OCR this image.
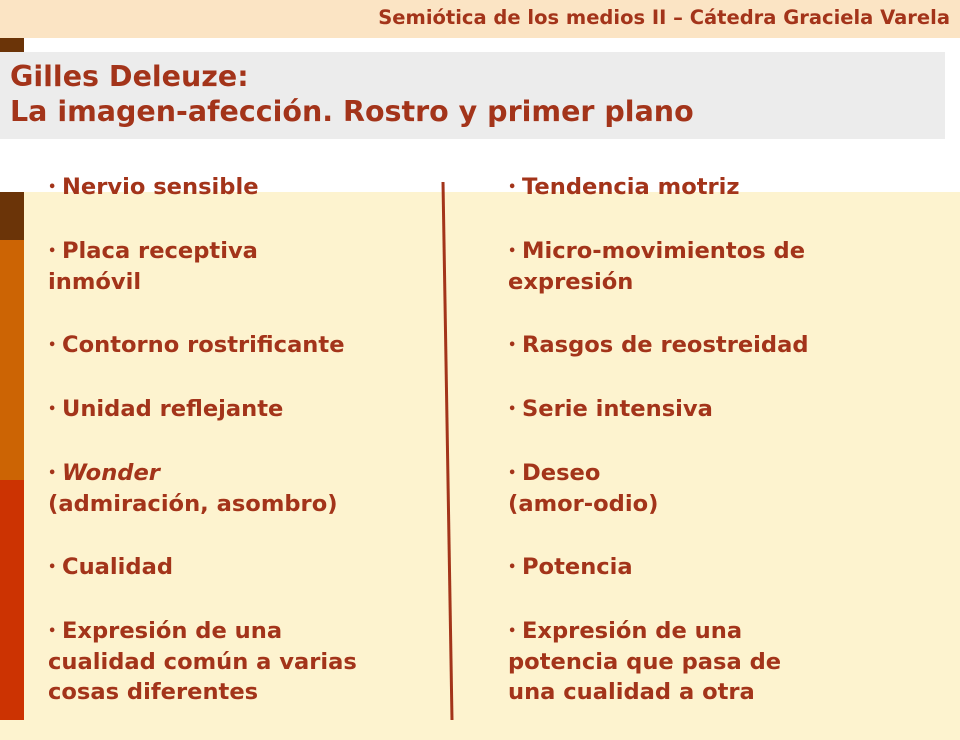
Semiótica de los medios II – Cátedra Graciela Varela
Gilles Deleuze:
La imagen-afección. Rostro y primer plano
• Nervio sensible
• Placa receptiva
inmóvil
• Contorno rostrificante
• Unidad reflejante
• Wonder
(admiración, asombro)
• Cualidad
• Expresión de una
cualidad común a varias
cosas diferentes
• Tendencia motriz
• Micro-movimientos de
expresión
• Rasgos de reostreidad
• Serie intensiva
• Deseo
(amor-odio)
• Potencia
• Expresión de una
potencia que pasa de
una cualidad a otra
